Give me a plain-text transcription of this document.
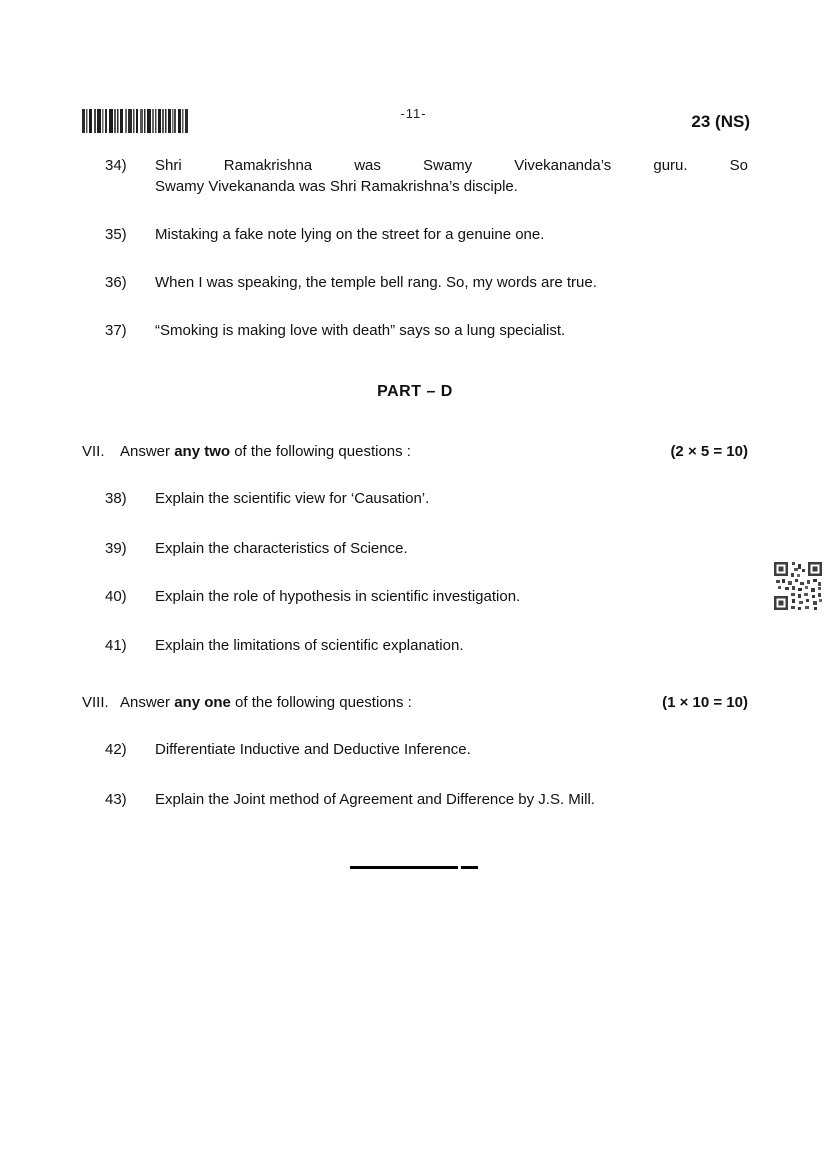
-11-	23 (NS)
34)	Shri Ramakrishna was Swamy Vivekananda’s guru. So
Swamy Vivekananda was Shri Ramakrishna’s disciple.
35)	Mistaking a fake note lying on the street for a genuine one.
36)	When I was speaking, the temple bell rang. So, my words are true.
37)	“Smoking is making love with death” says so a lung specialist.
PART – D
VII.	Answer any two of the following questions :	(2 × 5 = 10)
38)	Explain the scientific view for ‘Causation’.
39)	Explain the characteristics of Science.
40)	Explain the role of hypothesis in scientific investigation.
41)	Explain the limitations of scientific explanation.
VIII. Answer any one of the following questions :	(1 × 10 = 10)
42)	Differentiate Inductive and Deductive Inference.
43)	Explain the Joint method of Agreement and Difference by J.S. Mill.
